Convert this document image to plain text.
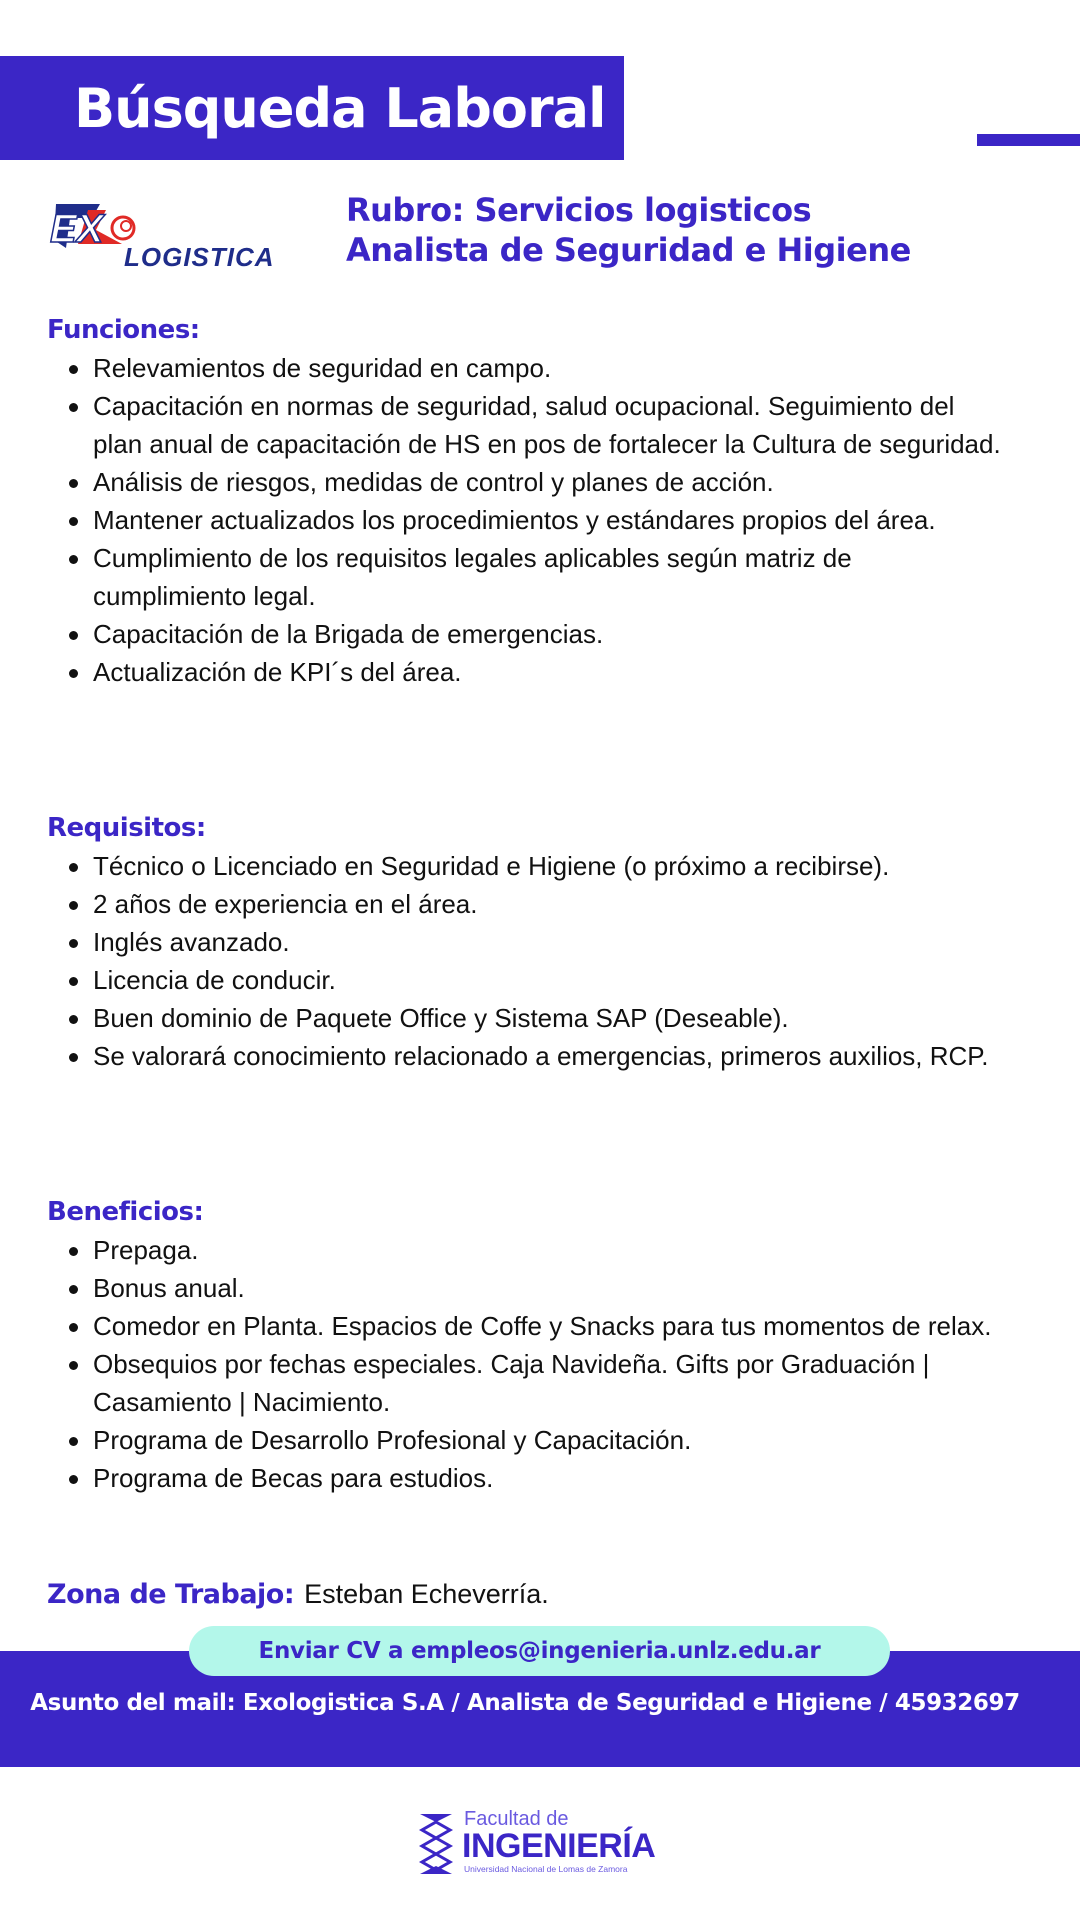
Búsqueda Laboral
EX
LOGISTICA
Rubro: Servicios logisticos
Analista de Seguridad e Higiene
Funciones:
Relevamientos de seguridad en campo.
Capacitación en normas de seguridad, salud ocupacional. Seguimiento del plan anual de capacitación de HS en pos de fortalecer la Cultura de seguridad.
Análisis de riesgos, medidas de control y planes de acción.
Mantener actualizados los procedimientos y estándares propios del área.
Cumplimiento de los requisitos legales aplicables según matriz de cumplimiento legal.
Capacitación de la Brigada de emergencias.
Actualización de KPI´s del área.
Requisitos:
Técnico o Licenciado en Seguridad e Higiene (o próximo a recibirse).
2 años de experiencia en el área.
Inglés avanzado.
Licencia de conducir.
Buen dominio de Paquete Office y Sistema SAP (Deseable).
Se valorará conocimiento relacionado a emergencias, primeros auxilios, RCP.
Beneficios:
Prepaga.
Bonus anual.
Comedor en Planta. Espacios de Coffe y Snacks para tus momentos de relax.
Obsequios por fechas especiales. Caja Navideña. Gifts por Graduación | Casamiento | Nacimiento.
Programa de Desarrollo Profesional y Capacitación.
Programa de Becas para estudios.
Zona de Trabajo: Esteban Echeverría.
Enviar CV a empleos@ingenieria.unlz.edu.ar
Asunto del mail: Exologistica S.A / Analista de Seguridad e Higiene / 45932697
Facultad de
INGENIERÍA
Universidad Nacional de Lomas de Zamora
